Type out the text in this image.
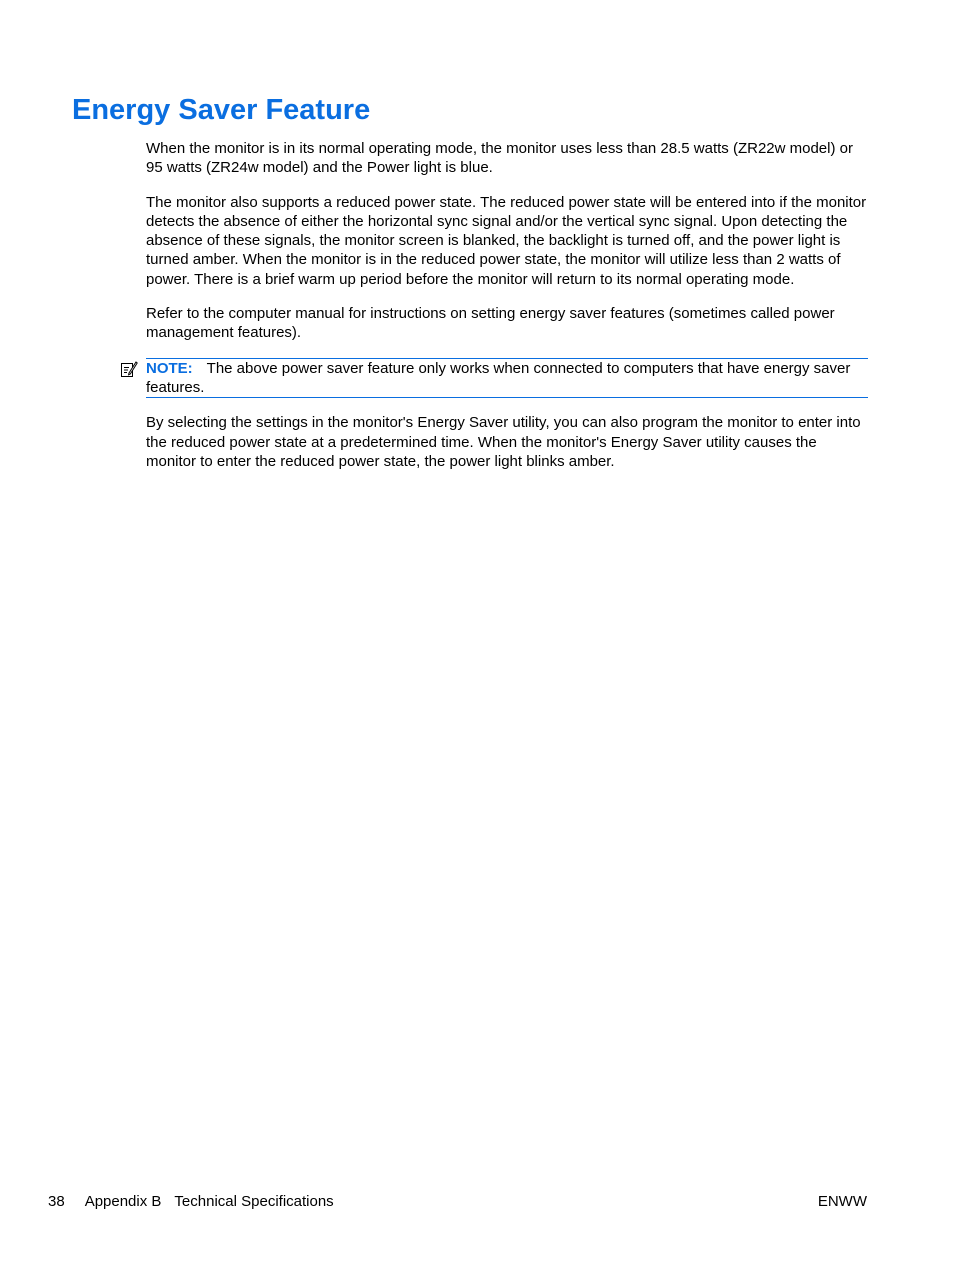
Energy Saver Feature

When the monitor is in its normal operating mode, the monitor uses less than 28.5 watts (ZR22w model) or 95 watts (ZR24w model) and the Power light is blue.

The monitor also supports a reduced power state. The reduced power state will be entered into if the monitor detects the absence of either the horizontal sync signal and/or the vertical sync signal. Upon detecting the absence of these signals, the monitor screen is blanked, the backlight is turned off, and the power light is turned amber. When the monitor is in the reduced power state, the monitor will utilize less than 2 watts of power. There is a brief warm up period before the monitor will return to its normal operating mode.

Refer to the computer manual for instructions on setting energy saver features (sometimes called power management features).

NOTE: The above power saver feature only works when connected to computers that have energy saver features.

By selecting the settings in the monitor's Energy Saver utility, you can also program the monitor to enter into the reduced power state at a predetermined time. When the monitor's Energy Saver utility causes the monitor to enter the reduced power state, the power light blinks amber.

38 Appendix B Technical Specifications	ENWW
